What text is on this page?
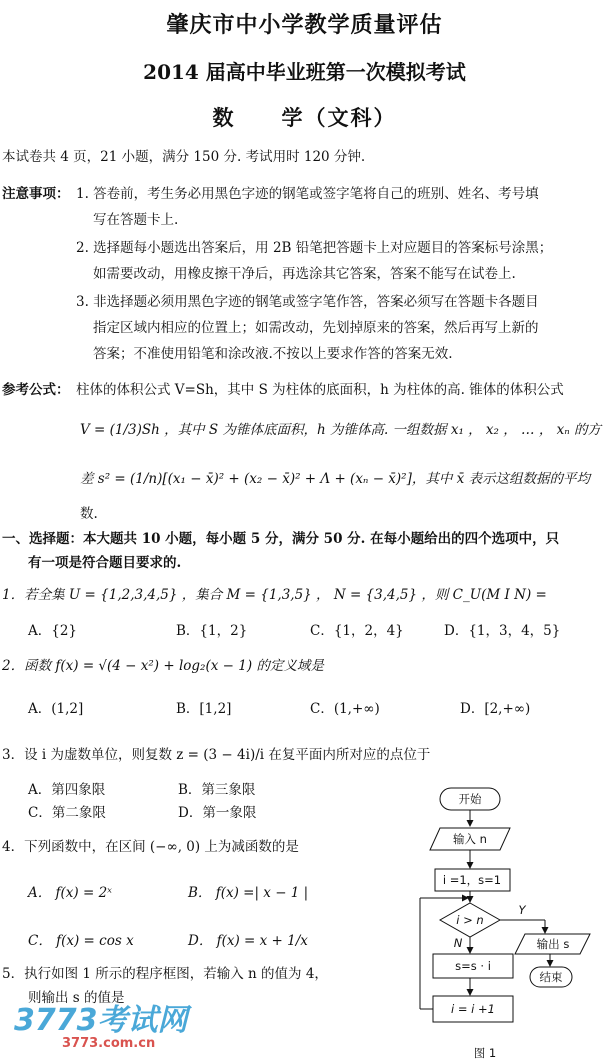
肇庆市中小学教学质量评估
2014 届高中毕业班第一次模拟考试
数　　学（文科）
本试卷共 4 页，21 小题，满分 150 分. 考试用时 120 分钟.
注意事项： 1. 答卷前，考生务必用黑色字迹的钢笔或签字笔将自己的班别、姓名、考号填
写在答题卡上.
2. 选择题每小题选出答案后，用 2B 铅笔把答题卡上对应题目的答案标号涂黑；
如需要改动，用橡皮擦干净后，再选涂其它答案，答案不能写在试卷上.
3. 非选择题必须用黑色字迹的钢笔或签字笔作答，答案必须写在答题卡各题目
指定区域内相应的位置上；如需改动，先划掉原来的答案，然后再写上新的
答案；不准使用铅笔和涂改液.不按以上要求作答的答案无效.
参考公式： 柱体的体积公式 V=Sh，其中 S 为柱体的底面积，h 为柱体的高. 锥体的体积公式
V = (1/3)Sh ，其中 S 为锥体底面积，h 为锥体高. 一组数据 x₁ ， x₂ ， … ， xₙ 的方
差 s² = (1/n)[(x₁ − x̄)² + (x₂ − x̄)² + Λ + (xₙ − x̄)²]，其中 x̄ 表示这组数据的平均
数.
一、选择题：本大题共 10 小题，每小题 5 分，满分 50 分. 在每小题给出的四个选项中，只
有一项是符合题目要求的.
1．若全集 U = {1,2,3,4,5} ，集合 M = {1,3,5} ， N = {3,4,5} ，则 C_U(M I N) =
A．{2}	B．{1，2}	C．{1，2，4}	D．{1，3，4，5}
2．函数 f(x) = √(4 − x²) + log₂(x − 1) 的定义域是
A．(1,2]	B．[1,2]	C．(1,+∞)	D．[2,+∞)
3．设 i 为虚数单位，则复数 z = (3 − 4i)/i 在复平面内所对应的点位于
A．第四象限	B．第三象限
C．第二象限	D．第一象限
4．下列函数中，在区间 (−∞, 0) 上为减函数的是
A． f(x) = 2ˣ	B． f(x) =| x − 1 |
C． f(x) = cos x	D． f(x) = x + 1/x
5．执行如图 1 所示的程序框图，若输入 n 的值为 4，
则输出 s 的值是
开始
输入 n
i =1，s=1
i > n
Y
N	输出 s
结束
s=s · i
i = i +1
图 1
3773考试网
3773.com.cn
